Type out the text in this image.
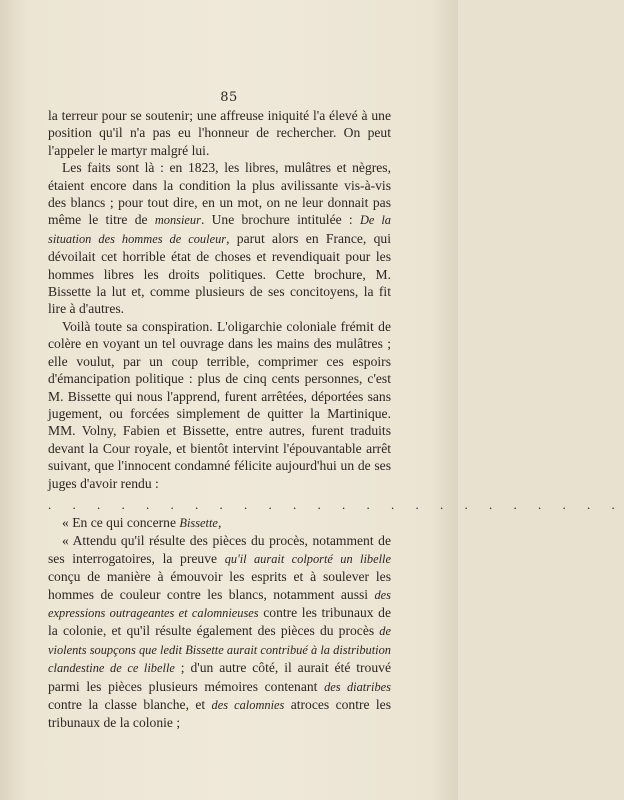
85

la terreur pour se soutenir; une affreuse iniquité l'a élevé à une position qu'il n'a pas eu l'honneur de rechercher. On peut l'appeler le martyr malgré lui.

Les faits sont là : en 1823, les libres, mulâtres et nègres, étaient encore dans la condition la plus avilissante vis-à-vis des blancs ; pour tout dire, en un mot, on ne leur donnait pas même le titre de monsieur. Une brochure intitulée : De la situation des hommes de couleur, parut alors en France, qui dévoilait cet horrible état de choses et revendiquait pour les hommes libres les droits politiques. Cette brochure, M. Bissette la lut et, comme plusieurs de ses concitoyens, la fit lire à d'autres.

Voilà toute sa conspiration. L'oligarchie coloniale frémit de colère en voyant un tel ouvrage dans les mains des mulâtres ; elle voulut, par un coup terrible, comprimer ces espoirs d'émancipation politique : plus de cinq cents personnes, c'est M. Bissette qui nous l'apprend, furent arrêtées, déportées sans jugement, ou forcées simplement de quitter la Martinique. MM. Volny, Fabien et Bissette, entre autres, furent traduits devant la Cour royale, et bientôt intervint l'épouvantable arrêt suivant, que l'innocent condamné félicite aujourd'hui un de ses juges d'avoir rendu :

. . . . . . . . . . . . . . . . . . . . . . . .

« En ce qui concerne Bissette,

« Attendu qu'il résulte des pièces du procès, notamment de ses interrogatoires, la preuve qu'il aurait colporté un libelle conçu de manière à émouvoir les esprits et à soulever les hommes de couleur contre les blancs, notamment aussi des expressions outrageantes et calomnieuses contre les tribunaux de la colonie, et qu'il résulte également des pièces du procès de violents soupçons que ledit Bissette aurait contribué à la distribution clandestine de ce libelle ; d'un autre côté, il aurait été trouvé parmi les pièces plusieurs mémoires contenant des diatribes contre la classe blanche, et des calomnies atroces contre les tribunaux de la colonie ;
